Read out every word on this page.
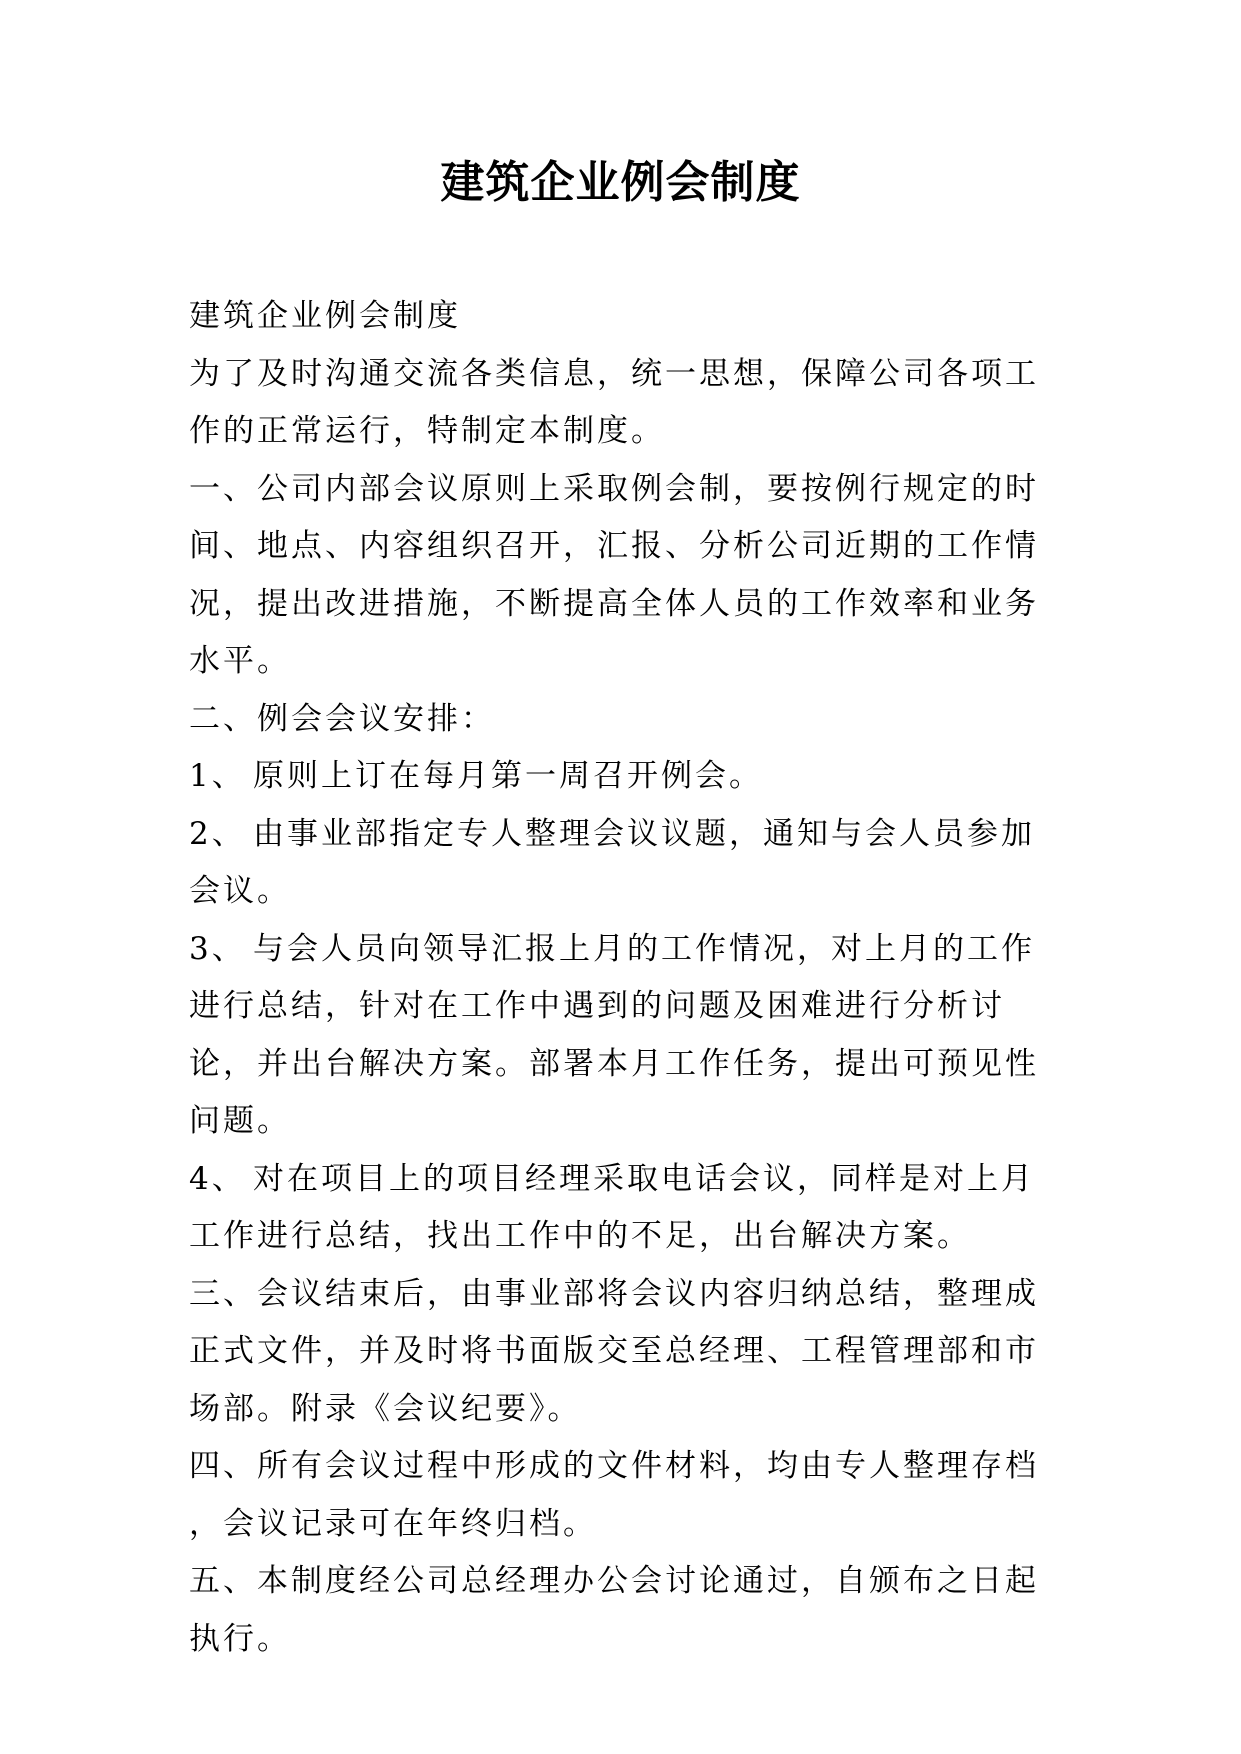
建筑企业例会制度

建筑企业例会制度

为了及时沟通交流各类信息，统一思想，保障公司各项工作的正常运行，特制定本制度。

一、公司内部会议原则上采取例会制，要按例行规定的时间、地点、内容组织召开，汇报、分析公司近期的工作情况，提出改进措施，不断提高全体人员的工作效率和业务水平。

二、例会会议安排：

1、 原则上订在每月第一周召开例会。

2、 由事业部指定专人整理会议议题，通知与会人员参加会议。

3、 与会人员向领导汇报上月的工作情况，对上月的工作进行总结，针对在工作中遇到的问题及困难进行分析讨论，并出台解决方案。部署本月工作任务，提出可预见性问题。

4、 对在项目上的项目经理采取电话会议，同样是对上月工作进行总结，找出工作中的不足，出台解决方案。

三、会议结束后，由事业部将会议内容归纳总结，整理成正式文件，并及时将书面版交至总经理、工程管理部和市场部。附录《会议纪要》。

四、所有会议过程中形成的文件材料，均由专人整理存档，会议记录可在年终归档。

五、本制度经公司总经理办公会讨论通过，自颁布之日起执行。
